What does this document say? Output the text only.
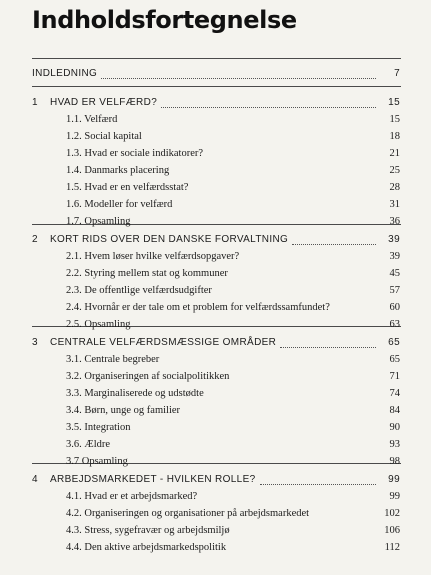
Indholdsfortegnelse
INDLEDNING	7
1	HVAD ER VELFÆRD?	15
1.1. Velfærd	15
1.2. Social kapital	18
1.3. Hvad er sociale indikatorer?	21
1.4. Danmarks placering	25
1.5. Hvad er en velfærdsstat?	28
1.6. Modeller for velfærd	31
1.7. Opsamling	36
2	KORT RIDS OVER DEN DANSKE FORVALTNING	39
2.1. Hvem løser hvilke velfærdsopgaver?	39
2.2. Styring mellem stat og kommuner	45
2.3. De offentlige velfærdsudgifter	57
2.4. Hvornår er der tale om et problem for velfærdssamfundet?	60
2.5. Opsamling	63
3	CENTRALE VELFÆRDSMÆSSIGE OMRÅDER	65
3.1. Centrale begreber	65
3.2. Organiseringen af socialpolitikken	71
3.3. Marginaliserede og udstødte	74
3.4. Børn, unge og familier	84
3.5. Integration	90
3.6. Ældre	93
3.7 Opsamling	98
4	ARBEJDSMARKEDET - HVILKEN ROLLE?	99
4.1. Hvad er et arbejdsmarked?	99
4.2. Organiseringen og organisationer på arbejdsmarkedet	102
4.3. Stress, sygefravær og arbejdsmiljø	106
4.4. Den aktive arbejdsmarkedspolitik	112
